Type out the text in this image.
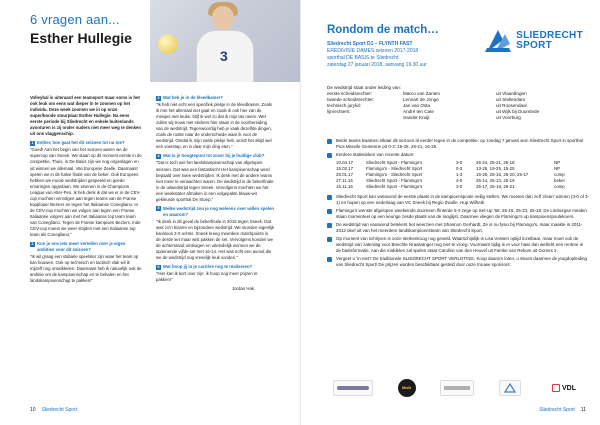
6 vragen aan...
Esther Hullegie
3

Volleybal is uiteraard een teamsport maar soms is het ook leuk om eens wat dieper in te zoomen op het individu. Deze week zoomen we in op onze super/bonde stuurplaar Esther Hullegie. Na eens eerste periode bij Sliedrecht en enkele buitenlands avonturen is zij onder ouders niet meer weg te denken uit ons vlaggenschip.

1 Esther, hoe gaat het dit seizoen tot nu toe?

"Goed! Aan het begin van het seizoen waren we de supercup van Sneek. We staan op dit moment eerste in de competitie. Thuis, in De Basis zijn we nog ongeslagen en uit winnen we allemaal. Van Europese Zeelle. Daarnaast spelen we in de halve finale van de beker. Ook Europees hebben we mooie wedstrijden gespeeld en goede ervaringen opgedaan. We wonnen in de Champions League van Alter-Pes. Ik heb denk ik dat we er in de CEV-cup mochten vervolgen aan tegen teams van de Franse kopploper Beziers en tegen het Italiaanse Conegliano. In de CEV-cup mochten we volgen aan tegen een Franse Italiaanse volgers aan met het Italiaanse top team team van Conegliano. Tegen de Franse kampioen Beziers. Inde CEV-cup moest we weer strijden met een Italiaanse top team als Conegliano."

2 Kun je ons iets meer vertellen over je eigen ambities voor dit seizoen?

"Ik wil graag een stabiele speelster zijn waar het team op kan bouwen. Ook op technisch en tactisch vlak wil ik mijzelf nog ontwikkelen. Daarnaast heb ik natuurlijk ook de ambitie om de kampioenschap en te behalen en het landskampioenschap te pakken!"

3 Wat heb je in de kleedkamer?

"Ik heb niet echt een specifiek plekje in de kleedkamer. Zoals ik met het allemaal niet gaat en zoals ik ook hier van de meisjes niet leuke, blijf ik wel zo dat ik mijn tas neem. Wel zullen wij trouw met stickers hier staan in de voorbereiding van de wedstrijd. Tegenwoordig heb je vaak dezelfde dingen, zoals de rustte naar de onderschiede waar ik voor de wedstrijd. Omdat ik mijn vaste plekje heb, wordt het altijd wel een voetstap, en is daar mijn ding eten."

4 Wat is je hoogtepunt tot zover bij je huidige club?

"Dat is toch wel het landskampioenschap van afgelopen seizoen. Dat was een fantastisch! Het kampioenschap werd bepaald over twee wedstrijden. Ik denk met de andere teams niet meer te verwachten waren. De wedstrijd in de bekerfinale in de uitwedstrijd tegen Sneek. Vervolgens mochten we het een weekstater afmaken in een volgepakte blauw-wit gekleurde sporthal De Stoep."

5 Welke wedstrijd zou je nog weleens over willen spelen en waarom?

"Ik denk in dit geval de bekerfinale in 2015 tegen Sneek. Dat was zo'n bizarre en bijzondere wedstrijd. We stonden eigenlijk kansloos 2-0 achter. Sneek kreeg meerdere matchpoints in de derde set maar wist pakken de set. Vervolgens konden we de achterstand ombuigen en uiteindelijk wonnen we de spannende vijfde set met 16-14. Het was echt een avond die we de wedstrijd nog vreselijk leuk vonden."

6 Wat hoop jij in je carrière nog te realiseren?

"Hier kan ik kort over zijn: ik hoop nog meer prijzen te pakken!"

Jordan Hak
10 Sliedrecht Sport
Rondom de match…
Sliedrecht Sport D1 – FLYNTH FAST
EREDIVISIE DAMES seizoen 2017-2018
sporthal DE BASIS te Sliedrecht
zaterdag 27 januari 2018, aanvang 19.30 uur
SLIEDRECHT
SPORT
De wedstrijd staat onder leiding van:
eerste scheidsrechter:	Marco van Zanten	uit Vlaardingen
tweede scheidsrechter:	Lennart de Jonge	uit Stellendam
technisch jurylid:	Jan van Osta	uit Roosendaal
lijnrechters:	André ten Cate	uit Wijk bij Duurstede
Sander Kruijt	uit Voorburg
Beide teams kwamen elkaar dit seizoen al eerder tegen in de competitie: op zondag 7 januari won Sliedrecht Sport in sporthal Pica Mereile Gemeene pit 0-3: 19-25, 25-21, 16-25.
Eerdere statistieken van recente datum:
10.04.17	Sliedrecht Sport - Flamingo's	3-0	26-24, 25-21, 25-18	NP
15.03.17	Flamingo's - Sliedrecht Sport	0-3	13-25, 19-25, 15-25	NP
28.01.17	Flamingo's - Sliedrecht Sport	1-3	16-25, 25-16, 25-20, 25-17	comp
27.11.16	Sliedrecht Sport - Flamingo's	3-0	25-14, 25-13, 25-19	beker
16.11.16	Sliedrecht Sport - Flamingo's	3-0	25-17, 25-18, 25-21	comp
Sliedrecht Sport kan vanavond de eerste plaats in de kampioenspoule veilig stellen. We moeten dan zelf 'clean' winnen (3-0 of 3-1) en hopen op een nederlaag van VC Sneek bij Regio Zwolle. Hup Wilfred!
Flamingo's wenste afgelopen weekeinde doorneen flinterde 5-3 zege op Set-Up '65: 25-15, 25-23, 25-18. De Limburgse meiden staan momenteel op een keurige zesde plaats van de ranglijst. Daarmee vliegen de Flamingo's op kampioenspoulekoers.
De wedstrijd van vanavond betekent het weerzien met Shannon Gerhardt. Ze is nu fysio bij Flamingo's, maar maakte in 2011-2012 deel uit van het meerdere landskampioensteam van Sliedrecht Sport.
Op moment van schrijven is onze sterkenkoog nog geveld. Waarschijnlijk is Lisa Vossen optijd inzetbaar, maar moet ook de wedstrijd van zaterdag voor Breichte Nraalvanger nog niet te vroeg. Voornaam tijdig is er voor haar dan wellicht een rentree in de basisformatie. Aan die middelen zal spelen staat Caroline van den Heuvel uit Famke van Rekom uit Oomes 2.
Vergeet u 'in-niet? De traditionele SLIEDRECHT SPORT VERLOTING. Koop daarom loten, u steunt daarmee de jeugdopleiding van Sliedrecht Sport! De prijzen worden beschikbaar gesteld door onze trouwe sponsors:
Multi	VDL
Sliedrecht Sport 11
